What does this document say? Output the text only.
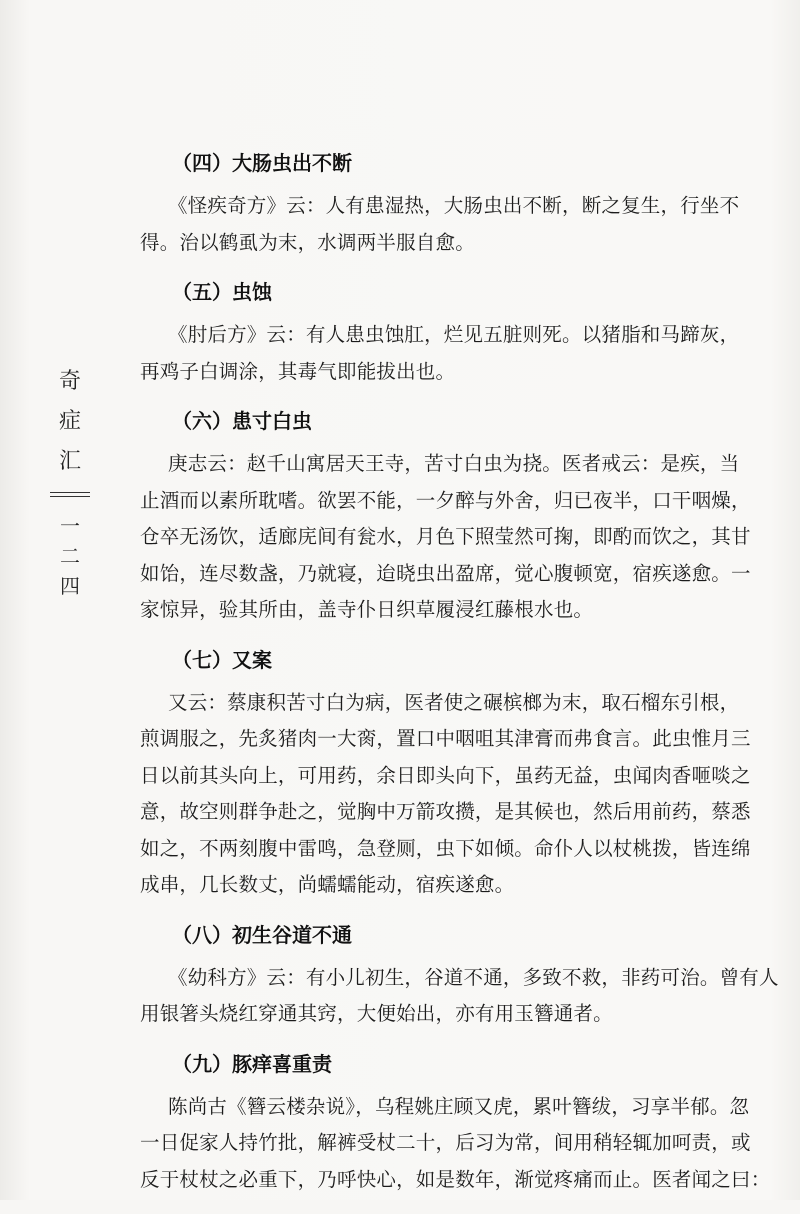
奇
症
汇
一
二
四
（四）大肠虫出不断
《怪疾奇方》云：人有患湿热，大肠虫出不断，断之复生，行坐不
得。治以鹤虱为末，水调两半服自愈。
（五）虫蚀
《肘后方》云：有人患虫蚀肛，烂见五脏则死。以猪脂和马蹄灰，
再鸡子白调涂，其毒气即能拔出也。
（六）患寸白虫
庚志云：赵千山寓居天王寺，苦寸白虫为挠。医者戒云：是疾，当
止酒而以素所耽嗜。欲罢不能，一夕醉与外舍，归已夜半，口干咽燥，
仓卒无汤饮，适廊庑间有瓮水，月色下照莹然可掬，即酌而饮之，其甘
如饴，连尽数盏，乃就寝，迨晓虫出盈席，觉心腹顿宽，宿疾遂愈。一
家惊异，验其所由，盖寺仆日织草履浸红藤根水也。
（七）又案
又云：蔡康积苦寸白为病，医者使之碾槟榔为末，取石榴东引根，
煎调服之，先炙猪肉一大脔，置口中咽咀其津膏而弗食言。此虫惟月三
日以前其头向上，可用药，余日即头向下，虽药无益，虫闻肉香咂啖之
意，故空则群争赴之，觉胸中万箭攻攒，是其候也，然后用前药，蔡悉
如之，不两刻腹中雷鸣，急登厕，虫下如倾。命仆人以杖桃拨，皆连绵
成串，几长数丈，尚蠕蠕能动，宿疾遂愈。
（八）初生谷道不通
《幼科方》云：有小儿初生，谷道不通，多致不救，非药可治。曾有人
用银箸头烧红穿通其窍，大便始出，亦有用玉簪通者。
（九）豚痒喜重责
陈尚古《簪云楼杂说》，乌程姚庄顾又虎，累叶簪绂，习享半郁。忽
一日促家人持竹批，解裤受杖二十，后习为常，间用稍轻辄加呵责，或
反于杖杖之必重下，乃呼快心，如是数年，渐觉疼痛而止。医者闻之曰：
